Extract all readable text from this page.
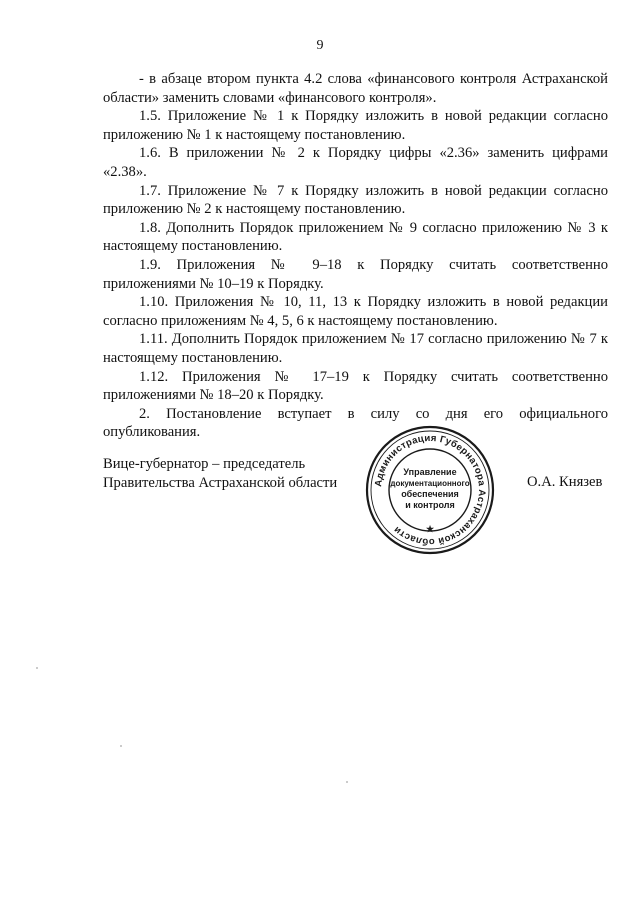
9

- в абзаце втором пункта 4.2 слова «финансового контроля Астраханской области» заменить словами «финансового контроля».

1.5. Приложение № 1 к Порядку изложить в новой редакции согласно приложению № 1 к настоящему постановлению.

1.6. В приложении № 2 к Порядку цифры «2.36» заменить цифрами «2.38».

1.7. Приложение № 7 к Порядку изложить в новой редакции согласно приложению № 2 к настоящему постановлению.

1.8. Дополнить Порядок приложением № 9 согласно приложению № 3 к настоящему постановлению.

1.9. Приложения № 9–18 к Порядку считать соответственно приложениями № 10–19 к Порядку.

1.10. Приложения № 10, 11, 13 к Порядку изложить в новой редакции согласно приложениям № 4, 5, 6 к настоящему постановлению.

1.11. Дополнить Порядок приложением № 17 согласно приложению № 7 к настоящему постановлению.

1.12. Приложения № 17–19 к Порядку считать соответственно приложениями № 18–20 к Порядку.

2. Постановление вступает в силу со дня его официального опубликования.

Вице-губернатор – председатель
Правительства Астраханской области	Администрация Губернатора Астраханской области	★
Управление
документационного
обеспечения
и контроля
О.А. Князев
